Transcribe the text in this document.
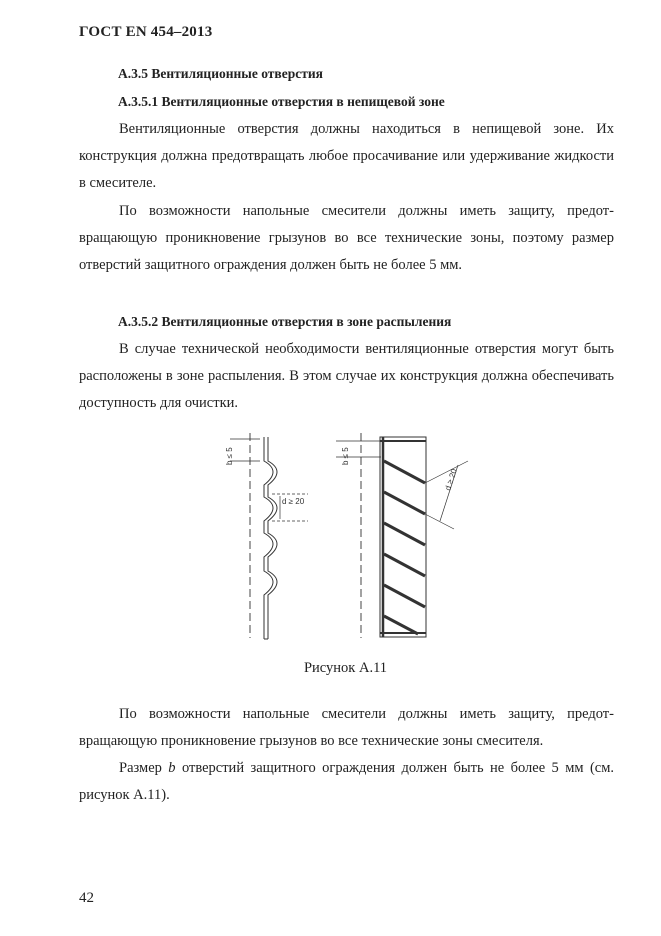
ГОСТ EN 454–2013
А.3.5 Вентиляционные отверстия
А.3.5.1 Вентиляционные отверстия в непищевой зоне

Вентиляционные отверстия должны находиться в непищевой зоне. Их конструкция должна предотвращать любое просачивание или удерживание жидкости в смесителе.

По возможности напольные смесители должны иметь защиту, предотвращающую проникновение грызунов во все технические зоны, поэтому размер отверстий защитного ограждения должен быть не более 5 мм.

А.3.5.2 Вентиляционные отверстия в зоне распыления

В случае технической необходимости вентиляционные отверстия могут быть расположены в зоне распыления. В этом случае их конструкция должна обеспечивать доступность для очистки.

b ≤ 5
d ≥ 20
b ≤ 5
d ≥ 20
Рисунок А.11

По возможности напольные смесители должны иметь защиту, предотвращающую проникновение грызунов во все технические зоны смесителя.

Размер b отверстий защитного ограждения должен быть не более 5 мм (см. рисунок А.11).

42
